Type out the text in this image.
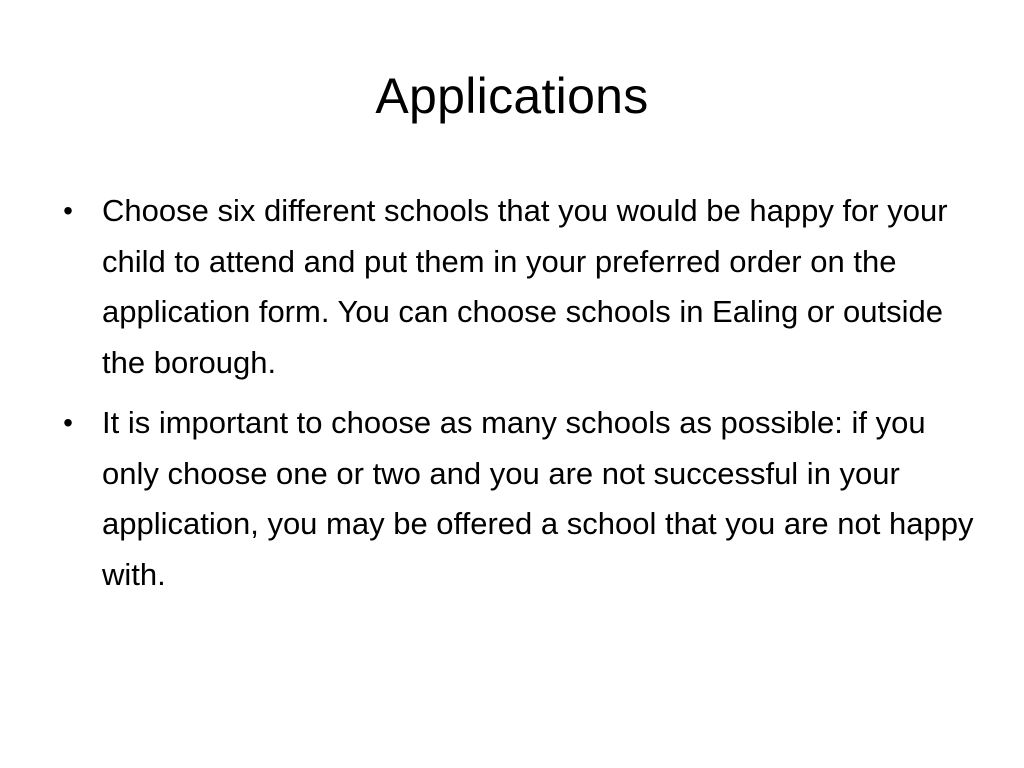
Applications
• Choose six different schools that you would be happy for your child to attend and put them in your preferred order on the application form. You can choose schools in Ealing or outside the borough.
• It is important to choose as many schools as possible: if you only choose one or two and you are not successful in your application, you may be offered a school that you are not happy with.
